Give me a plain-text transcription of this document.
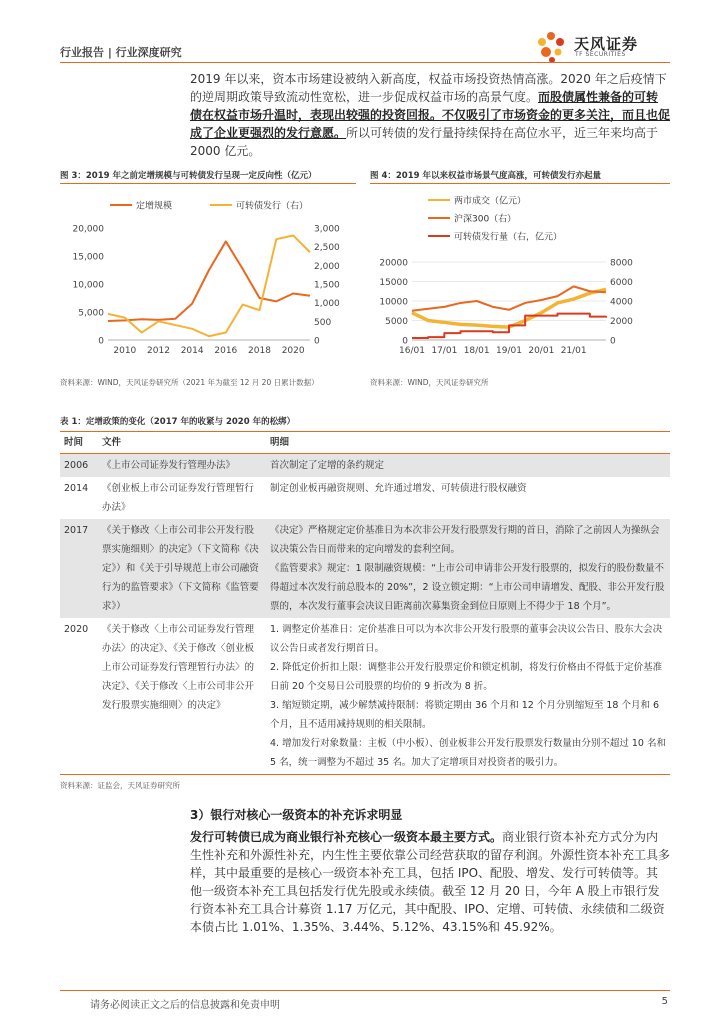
行业报告 | 行业深度研究	天风证券
TF SECURITIES
2019 年以来，资本市场建设被纳入新高度，权益市场投资热情高涨。2020 年之后疫情下的逆周期政策导致流动性宽松，进一步促成权益市场的高景气度。而股债属性兼备的可转债在权益市场升温时，表现出较强的投资回报。不仅吸引了市场资金的更多关注，而且也促成了企业更强烈的发行意愿。所以可转债的发行量持续保持在高位水平，近三年来均高于 2000 亿元。
图 3：2019 年之前定增规模与可转债发行呈现一定反向性（亿元）
定增规模	可转债发行（右）
0
5,000
10,000
15,000
20,000
0
500
1,000
1,500
2,000
2,500
3,000
2010 2012 2014 2016 2018 2020
资料来源：WIND，天风证券研究所（2021 年为截至 12 月 20 日累计数据）
图 4：2019 年以来权益市场景气度高涨，可转债发行亦起量
两市成交（亿元）
沪深300（右）
可转债发行量（右，亿元）
0
5000
10000
15000
20000
0
2000
4000
6000
8000
16/01 17/01 18/01 19/01 20/01 21/01
资料来源：WIND，天风证券研究所
表 1：定增政策的变化（2017 年的收紧与 2020 年的松绑）
时间	文件	明细
2006	《上市公司证券发行管理办法》	首次制定了定增的条约规定

2014	《创业板上市公司证券发行管理暂行办法》	制定创业板再融资规则、允许通过增发、可转债进行股权融资

2017	《关于修改〈上市公司非公开发行股票实施细则〉的决定》（下文简称《决定》）和《关于引导规范上市公司融资行为的监管要求》（下文简称《监管要求》）	《决定》严格规定定价基准日为本次非公开发行股票发行期的首日，消除了之前因人为操纵会议决策公告日而带来的定向增发的套利空间。

《监管要求》规定：1 限制融资规模：“上市公司申请非公开发行股票的，拟发行的股份数量不得超过本次发行前总股本的 20%”，2 设立锁定期：“上市公司申请增发、配股、非公开发行股票的，本次发行董事会决议日距离前次募集资金到位日原则上不得少于 18 个月”。

2020	《关于修改〈上市公司证券发行管理办法〉的决定》、《关于修改〈创业板上市公司证券发行管理暂行办法〉的决定》、《关于修改〈上市公司非公开发行股票实施细则〉的决定》	1. 调整定价基准日：定价基准日可以为本次非公开发行股票的董事会决议公告日、股东大会决议公告日或者发行期首日。

2. 降低定价折扣上限：调整非公开发行股票定价和锁定机制，将发行价格由不得低于定价基准日前 20 个交易日公司股票的均价的 9 折改为 8 折。

3. 缩短锁定期，减少解禁减持限制：将锁定期由 36 个月和 12 个月分别缩短至 18 个月和 6 个月，且不适用减持规则的相关限制。

4. 增加发行对象数量：主板（中小板）、创业板非公开发行股票发行数量由分别不超过 10 名和 5 名，统一调整为不超过 35 名。加大了定增项目对投资者的吸引力。

资料来源：证监会，天风证券研究所
3）银行对核心一级资本的补充诉求明显
发行可转债已成为商业银行补充核心一级资本最主要方式。商业银行资本补充方式分为内生性补充和外源性补充，内生性主要依靠公司经营获取的留存利润。外源性资本补充工具多样，其中最重要的是核心一级资本补充工具，包括 IPO、配股、增发、发行可转债等。其他一级资本补充工具包括发行优先股或永续债。截至 12 月 20 日，今年 A 股上市银行发行资本补充工具合计募资 1.17 万亿元，其中配股、IPO、定增、可转债、永续债和二级资本债占比 1.01%、1.35%、3.44%、5.12%、43.15%和 45.92%。
请务必阅读正文之后的信息披露和免责申明	5
